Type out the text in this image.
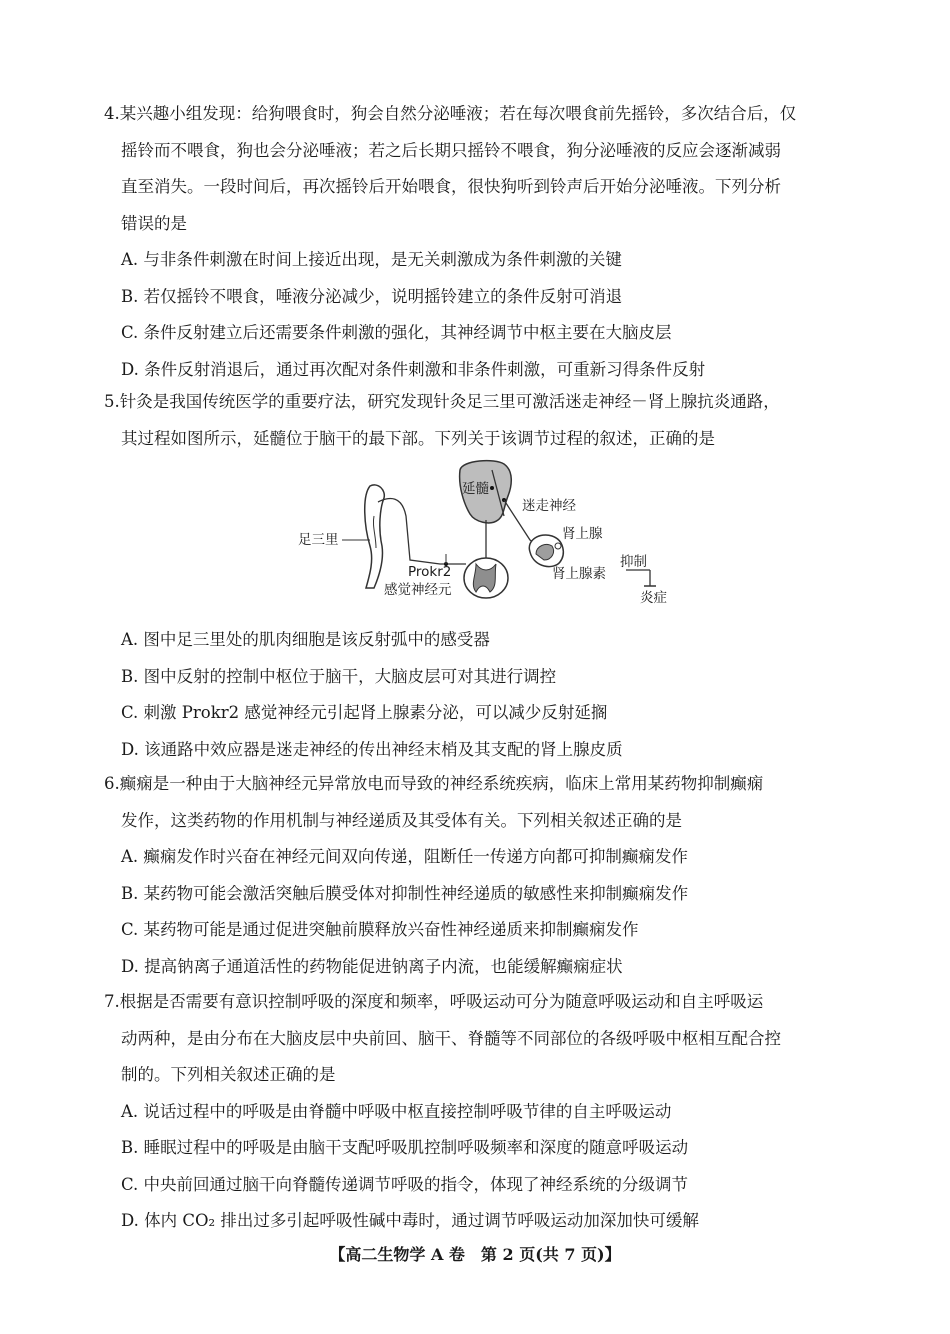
4.某兴趣小组发现：给狗喂食时，狗会自然分泌唾液；若在每次喂食前先摇铃，多次结合后，仅
摇铃而不喂食，狗也会分泌唾液；若之后长期只摇铃不喂食，狗分泌唾液的反应会逐渐减弱
直至消失。一段时间后，再次摇铃后开始喂食，很快狗听到铃声后开始分泌唾液。下列分析
错误的是
A. 与非条件刺激在时间上接近出现，是无关刺激成为条件刺激的关键
B. 若仅摇铃不喂食，唾液分泌减少，说明摇铃建立的条件反射可消退
C. 条件反射建立后还需要条件刺激的强化，其神经调节中枢主要在大脑皮层
D. 条件反射消退后，通过再次配对条件刺激和非条件刺激，可重新习得条件反射
5.针灸是我国传统医学的重要疗法，研究发现针灸足三里可激活迷走神经－肾上腺抗炎通路，
其过程如图所示，延髓位于脑干的最下部。下列关于该调节过程的叙述，正确的是
延髓
迷走神经
肾上腺
肾上腺素
抑制
炎症
足三里
Prokr2
感觉神经元
A. 图中足三里处的肌肉细胞是该反射弧中的感受器
B. 图中反射的控制中枢位于脑干，大脑皮层可对其进行调控
C. 刺激 Prokr2 感觉神经元引起肾上腺素分泌，可以减少反射延搁
D. 该通路中效应器是迷走神经的传出神经末梢及其支配的肾上腺皮质
6.癫痫是一种由于大脑神经元异常放电而导致的神经系统疾病，临床上常用某药物抑制癫痫
发作，这类药物的作用机制与神经递质及其受体有关。下列相关叙述正确的是
A. 癫痫发作时兴奋在神经元间双向传递，阻断任一传递方向都可抑制癫痫发作
B. 某药物可能会激活突触后膜受体对抑制性神经递质的敏感性来抑制癫痫发作
C. 某药物可能是通过促进突触前膜释放兴奋性神经递质来抑制癫痫发作
D. 提高钠离子通道活性的药物能促进钠离子内流，也能缓解癫痫症状
7.根据是否需要有意识控制呼吸的深度和频率，呼吸运动可分为随意呼吸运动和自主呼吸运
动两种，是由分布在大脑皮层中央前回、脑干、脊髓等不同部位的各级呼吸中枢相互配合控
制的。下列相关叙述正确的是
A. 说话过程中的呼吸是由脊髓中呼吸中枢直接控制呼吸节律的自主呼吸运动
B. 睡眠过程中的呼吸是由脑干支配呼吸肌控制呼吸频率和深度的随意呼吸运动
C. 中央前回通过脑干向脊髓传递调节呼吸的指令，体现了神经系统的分级调节
D. 体内 CO₂ 排出过多引起呼吸性碱中毒时，通过调节呼吸运动加深加快可缓解
【高二生物学 A 卷　第 2 页(共 7 页)】
